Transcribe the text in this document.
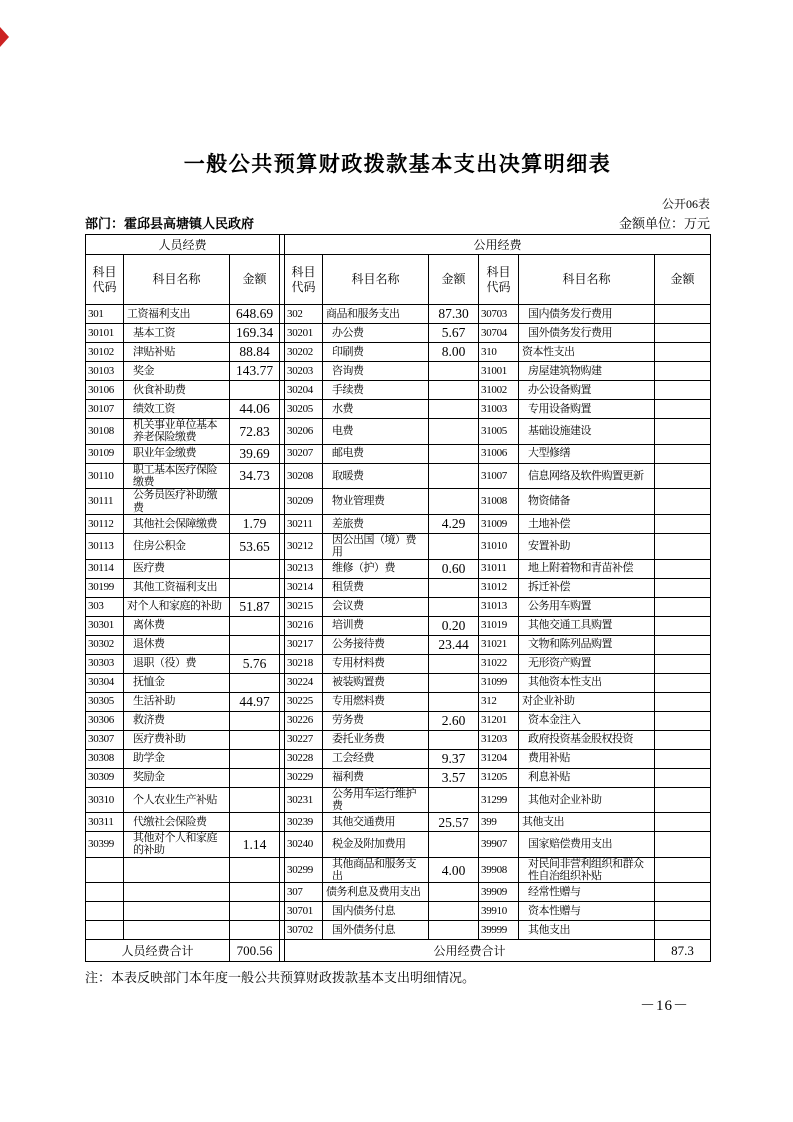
一般公共预算财政拨款基本支出决算明细表
公开06表
部门：霍邱县高塘镇人民政府	金额单位：万元
人员经费				公用经费					
科目代码	科目名称	金额		科目代码	科目名称	金额	科目代码	科目名称	金额
301	工资福利支出	648.69		302	商品和服务支出	87.30	30703	国内债务发行费用	
30101	基本工资	169.34		30201	办公费	5.67	30704	国外债务发行费用	
30102	津贴补贴	88.84		30202	印刷费	8.00	310	资本性支出	
30103	奖金	143.77		30203	咨询费		31001	房屋建筑物购建	
30106	伙食补助费			30204	手续费		31002	办公设备购置	
30107	绩效工资	44.06		30205	水费		31003	专用设备购置	
30108	机关事业单位基本养老保险缴费	72.83		30206	电费		31005	基础设施建设	
30109	职业年金缴费	39.69		30207	邮电费		31006	大型修缮	
30110	职工基本医疗保险缴费	34.73		30208	取暖费		31007	信息网络及软件购置更新	
30111	公务员医疗补助缴费			30209	物业管理费		31008	物资储备	
30112	其他社会保障缴费	1.79		30211	差旅费	4.29	31009	土地补偿	
30113	住房公积金	53.65		30212	因公出国（境）费用		31010	安置补助	
30114	医疗费			30213	维修（护）费	0.60	31011	地上附着物和青苗补偿	
30199	其他工资福利支出			30214	租赁费		31012	拆迁补偿	
303	对个人和家庭的补助	51.87		30215	会议费		31013	公务用车购置	
30301	离休费			30216	培训费	0.20	31019	其他交通工具购置	
30302	退休费			30217	公务接待费	23.44	31021	文物和陈列品购置	
30303	退职（役）费	5.76		30218	专用材料费		31022	无形资产购置	
30304	抚恤金			30224	被装购置费		31099	其他资本性支出	
30305	生活补助	44.97		30225	专用燃料费		312	对企业补助	
30306	救济费			30226	劳务费	2.60	31201	资本金注入	
30307	医疗费补助			30227	委托业务费		31203	政府投资基金股权投资	
30308	助学金			30228	工会经费	9.37	31204	费用补贴	
30309	奖励金			30229	福利费	3.57	31205	利息补贴	
30310	个人农业生产补贴			30231	公务用车运行维护费		31299	其他对企业补助	
30311	代缴社会保险费			30239	其他交通费用	25.57	399	其他支出	
30399	其他对个人和家庭的补助	1.14		30240	税金及附加费用		39907	国家赔偿费用支出	
				30299	其他商品和服务支出	4.00	39908	对民间非营利组织和群众性自治组织补贴	
				307	债务利息及费用支出		39909	经常性赠与	
				30701	国内债务付息		39910	资本性赠与	
				30702	国外债务付息		39999	其他支出	
人员经费合计		700.56		公用经费合计					87.3
注：本表反映部门本年度一般公共预算财政拨款基本支出明细情况。
－16－
